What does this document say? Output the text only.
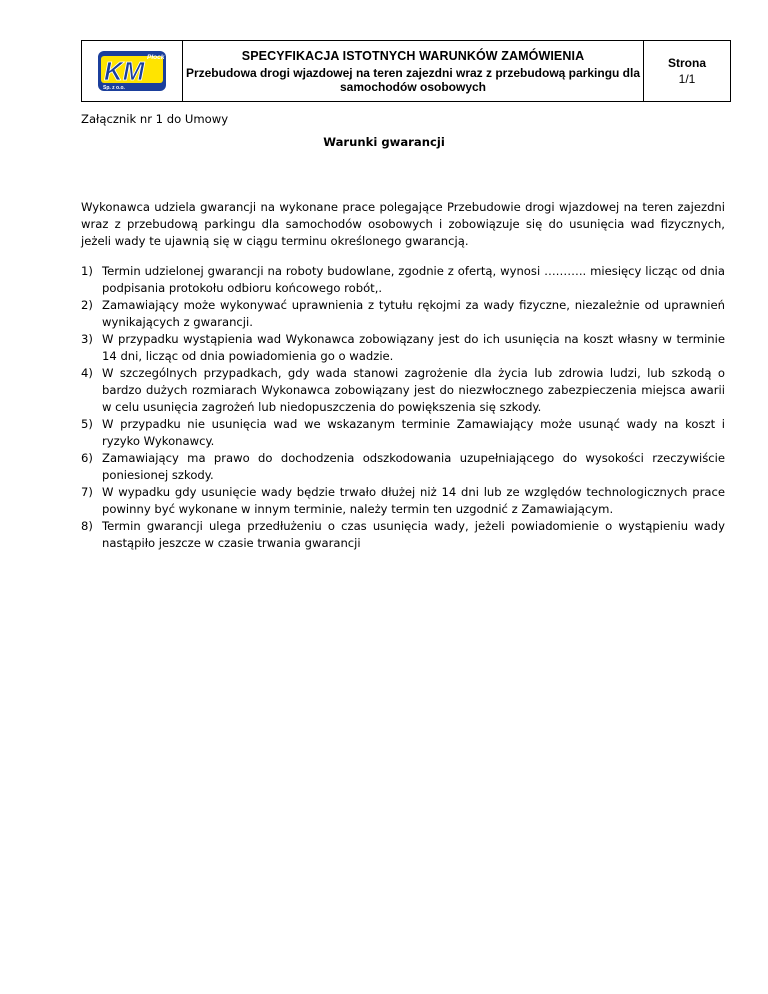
Płock
KM
Sp. z o.o.

SPECYFIKACJA ISTOTNYCH WARUNKÓW ZAMÓWIENIA
Przebudowa drogi wjazdowej na teren zajezdni wraz z przebudową parkingu dla samochodów osobowych

Strona
1/1
Załącznik nr 1 do Umowy
Warunki gwarancji

Wykonawca udziela gwarancji na wykonane prace polegające Przebudowie drogi wjazdowej na teren zajezdni wraz z przebudową parkingu dla samochodów osobowych i zobowiązuje się do usunięcia wad fizycznych, jeżeli wady te ujawnią się w ciągu terminu określonego gwarancją.

1) Termin udzielonej gwarancji na roboty budowlane, zgodnie z ofertą, wynosi ……….. miesięcy licząc od dnia podpisania protokołu odbioru końcowego robót,.
2) Zamawiający może wykonywać uprawnienia z tytułu rękojmi za wady fizyczne, niezależnie od uprawnień wynikających z gwarancji.
3) W przypadku wystąpienia wad Wykonawca zobowiązany jest do ich usunięcia na koszt własny w terminie 14 dni, licząc od dnia powiadomienia go o wadzie.
4) W szczególnych przypadkach, gdy wada stanowi zagrożenie dla życia lub zdrowia ludzi, lub szkodą o bardzo dużych rozmiarach Wykonawca zobowiązany jest do niezwłocznego zabezpieczenia miejsca awarii w celu usunięcia zagrożeń lub niedopuszczenia do powiększenia się szkody.
5) W przypadku nie usunięcia wad we wskazanym terminie Zamawiający może usunąć wady na koszt i ryzyko Wykonawcy.
6) Zamawiający ma prawo do dochodzenia odszkodowania uzupełniającego do wysokości rzeczywiście poniesionej szkody.
7) W wypadku gdy usunięcie wady będzie trwało dłużej niż 14 dni lub ze względów technologicznych prace powinny być wykonane w innym terminie, należy termin ten uzgodnić z Zamawiającym.
8) Termin gwarancji ulega przedłużeniu o czas usunięcia wady, jeżeli powiadomienie o wystąpieniu wady nastąpiło jeszcze w czasie trwania gwarancji
